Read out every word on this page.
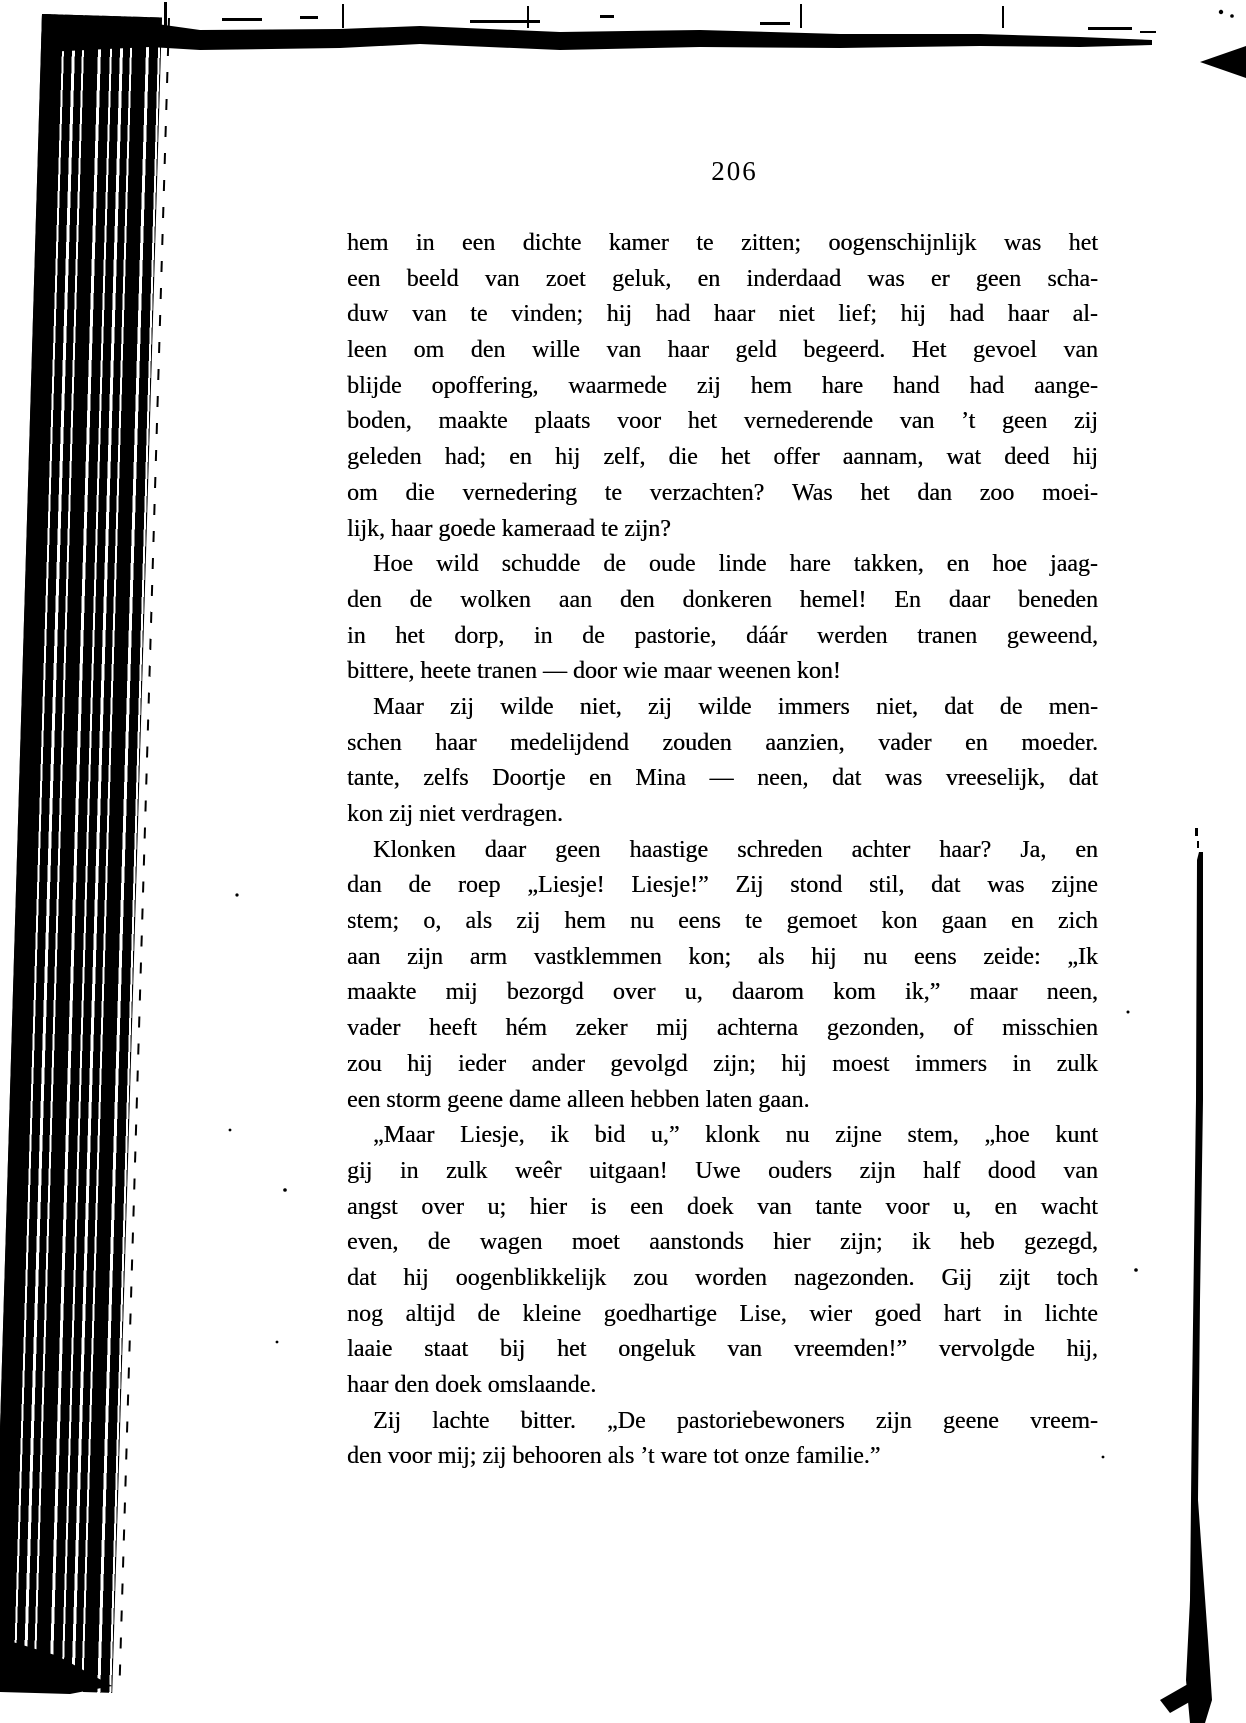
206
hem in een dichte kamer te zitten; oogenschijnlijk was het
een beeld van zoet geluk, en inderdaad was er geen scha-
duw van te vinden; hij had haar niet lief; hij had haar al-
leen om den wille van haar geld begeerd. Het gevoel van
blijde opoffering, waarmede zij hem hare hand had aange-
boden, maakte plaats voor het vernederende van ’t geen zij
geleden had; en hij zelf, die het offer aannam, wat deed hij
om die vernedering te verzachten? Was het dan zoo moei-
lijk, haar goede kameraad te zijn?
Hoe wild schudde de oude linde hare takken, en hoe jaag-
den de wolken aan den donkeren hemel! En daar beneden
in het dorp, in de pastorie, dáár werden tranen geweend,
bittere, heete tranen — door wie maar weenen kon!
Maar zij wilde niet, zij wilde immers niet, dat de men-
schen haar medelijdend zouden aanzien, vader en moeder.
tante, zelfs Doortje en Mina — neen, dat was vreeselijk, dat
kon zij niet verdragen.
Klonken daar geen haastige schreden achter haar? Ja, en
dan de roep „Liesje! Liesje!” Zij stond stil, dat was zijne
stem; o, als zij hem nu eens te gemoet kon gaan en zich
aan zijn arm vastklemmen kon; als hij nu eens zeide: „Ik
maakte mij bezorgd over u, daarom kom ik,” maar neen,
vader heeft hém zeker mij achterna gezonden, of misschien
zou hij ieder ander gevolgd zijn; hij moest immers in zulk
een storm geene dame alleen hebben laten gaan.
„Maar Liesje, ik bid u,” klonk nu zijne stem, „hoe kunt
gij in zulk weêr uitgaan! Uwe ouders zijn half dood van
angst over u; hier is een doek van tante voor u, en wacht
even, de wagen moet aanstonds hier zijn; ik heb gezegd,
dat hij oogenblikkelijk zou worden nagezonden. Gij zijt toch
nog altijd de kleine goedhartige Lise, wier goed hart in lichte
laaie staat bij het ongeluk van vreemden!” vervolgde hij,
haar den doek omslaande.
Zij lachte bitter. „De pastoriebewoners zijn geene vreem-
den voor mij; zij behooren als ’t ware tot onze familie.”
